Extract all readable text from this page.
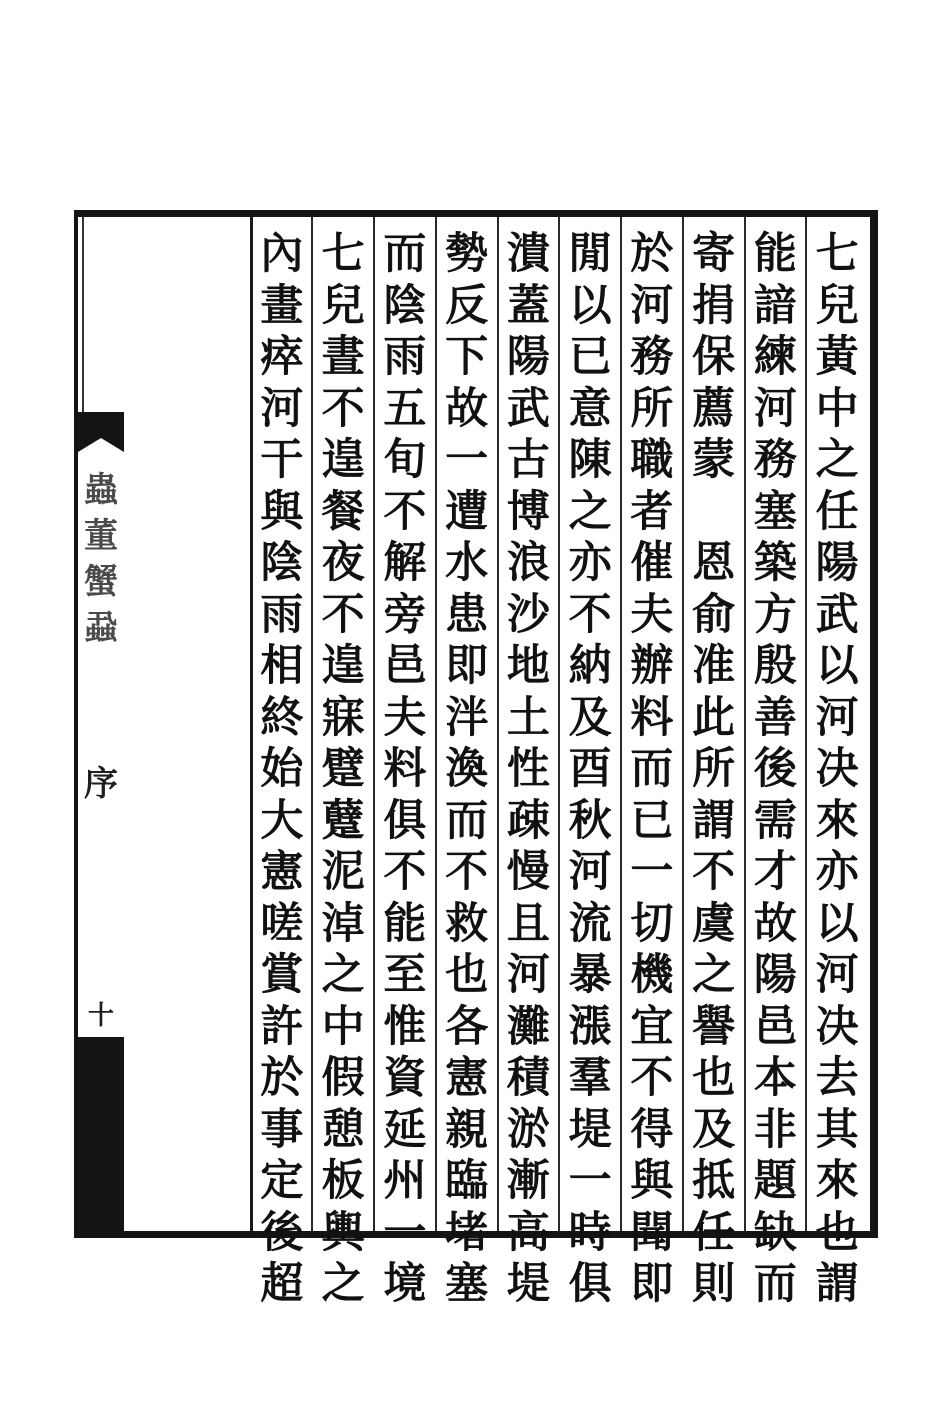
蟲
董
蟹
蝨
序
十
七
兒
黃
中
之
任
陽
武
以
河
决
來
亦
以
河
决
去
其
來
也
謂
能
諳
練
河
務
塞
築
方
殷
善
後
需
才
故
陽
邑
本
非
題
缺
而
寄
捐
保
薦
蒙

恩
俞
准
此
所
謂
不
虞
之
譽
也
及
抵
任
則
於
河
務
所
職
者
催
夫
辦
料
而
已
一
切
機
宜
不
得
與
聞
即
閒
以
已
意
陳
之
亦
不
納
及
酉
秋
河
流
暴
漲
羣
堤
一
時
俱
潰
蓋
陽
武
古
博
浪
沙
地
土
性
疎
慢
且
河
灘
積
淤
漸
高
堤
勢
反
下
故
一
遭
水
患
即
泮
渙
而
不
救
也
各
憲
親
臨
堵
塞
而
陰
雨
五
旬
不
解
旁
邑
夫
料
俱
不
能
至
惟
資
延
州
一
境
七
兒
晝
不
遑
餐
夜
不
遑
寐
躄
躠
泥
淖
之
中
假
憩
板
輿
之
內
畫
瘁
河
干
與
陰
雨
相
終
始
大
憲
嗟
賞
許
於
事
定
後
超
